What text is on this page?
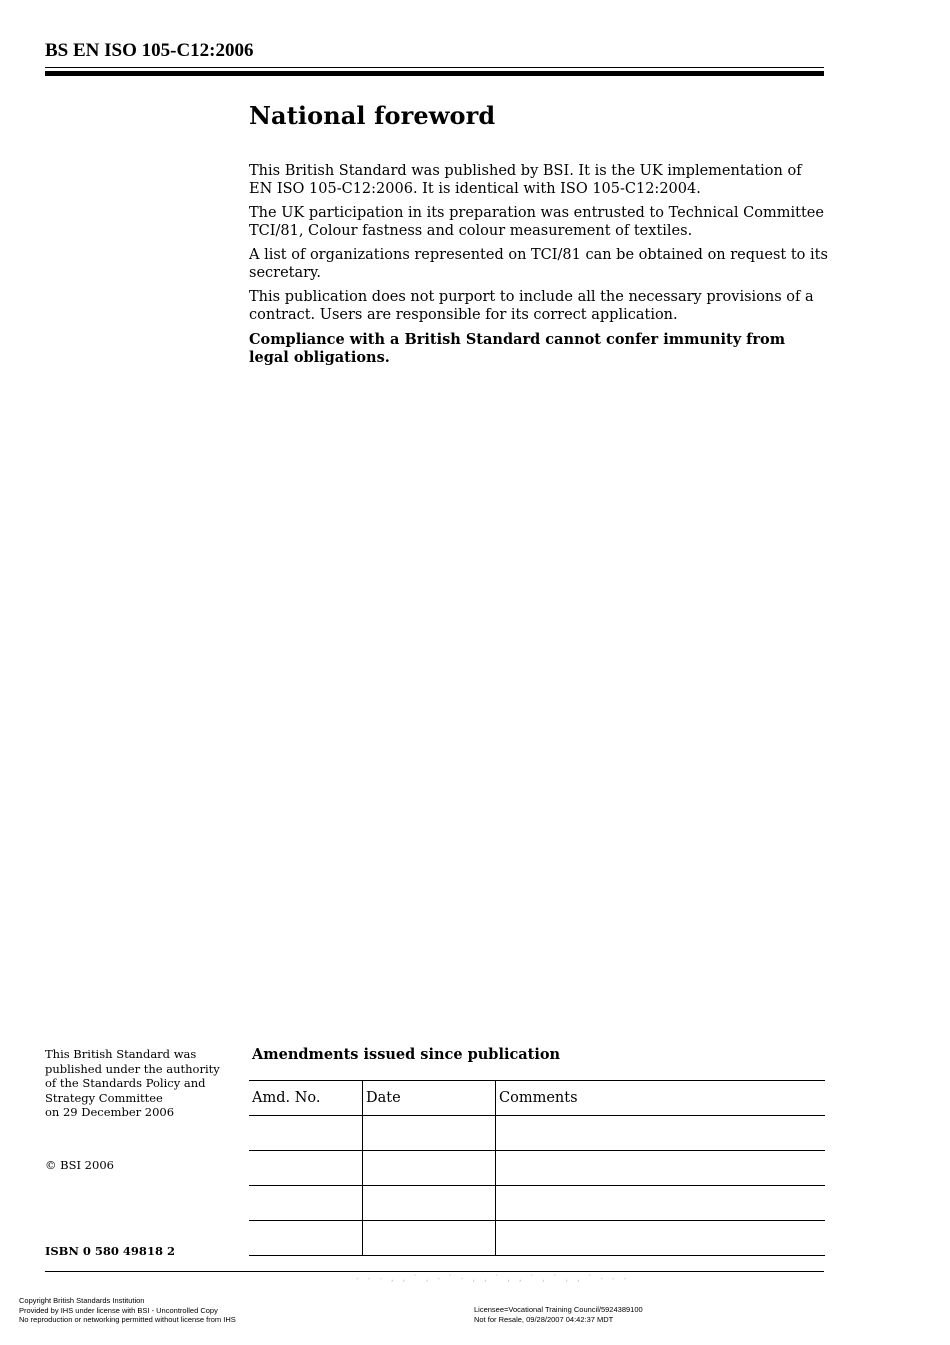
BS EN ISO 105-C12:2006
National foreword

This British Standard was published by BSI. It is the UK implementation of EN ISO 105-C12:2006. It is identical with ISO 105-C12:2004.

The UK participation in its preparation was entrusted to Technical Committee TCI/81, Colour fastness and colour measurement of textiles.

A list of organizations represented on TCI/81 can be obtained on request to its secretary.

This publication does not purport to include all the necessary provisions of a contract. Users are responsible for its correct application.

Compliance with a British Standard cannot confer immunity from legal obligations.

This British Standard was
published under the authority
of the Standards Policy and
Strategy Committee
on 29 December 2006
© BSI 2006
ISBN 0 580 49818 2
Amendments issued since publication
Amd. No.	Date	Comments

- - - , , ` , - ` - , , ` , , ` , ` , , ` - - -
Copyright British Standards Institution
Provided by IHS under license with BSI - Uncontrolled Copy
No reproduction or networking permitted without license from IHS
Licensee=Vocational Training Council/5924389100
Not for Resale, 09/28/2007 04:42:37 MDT
